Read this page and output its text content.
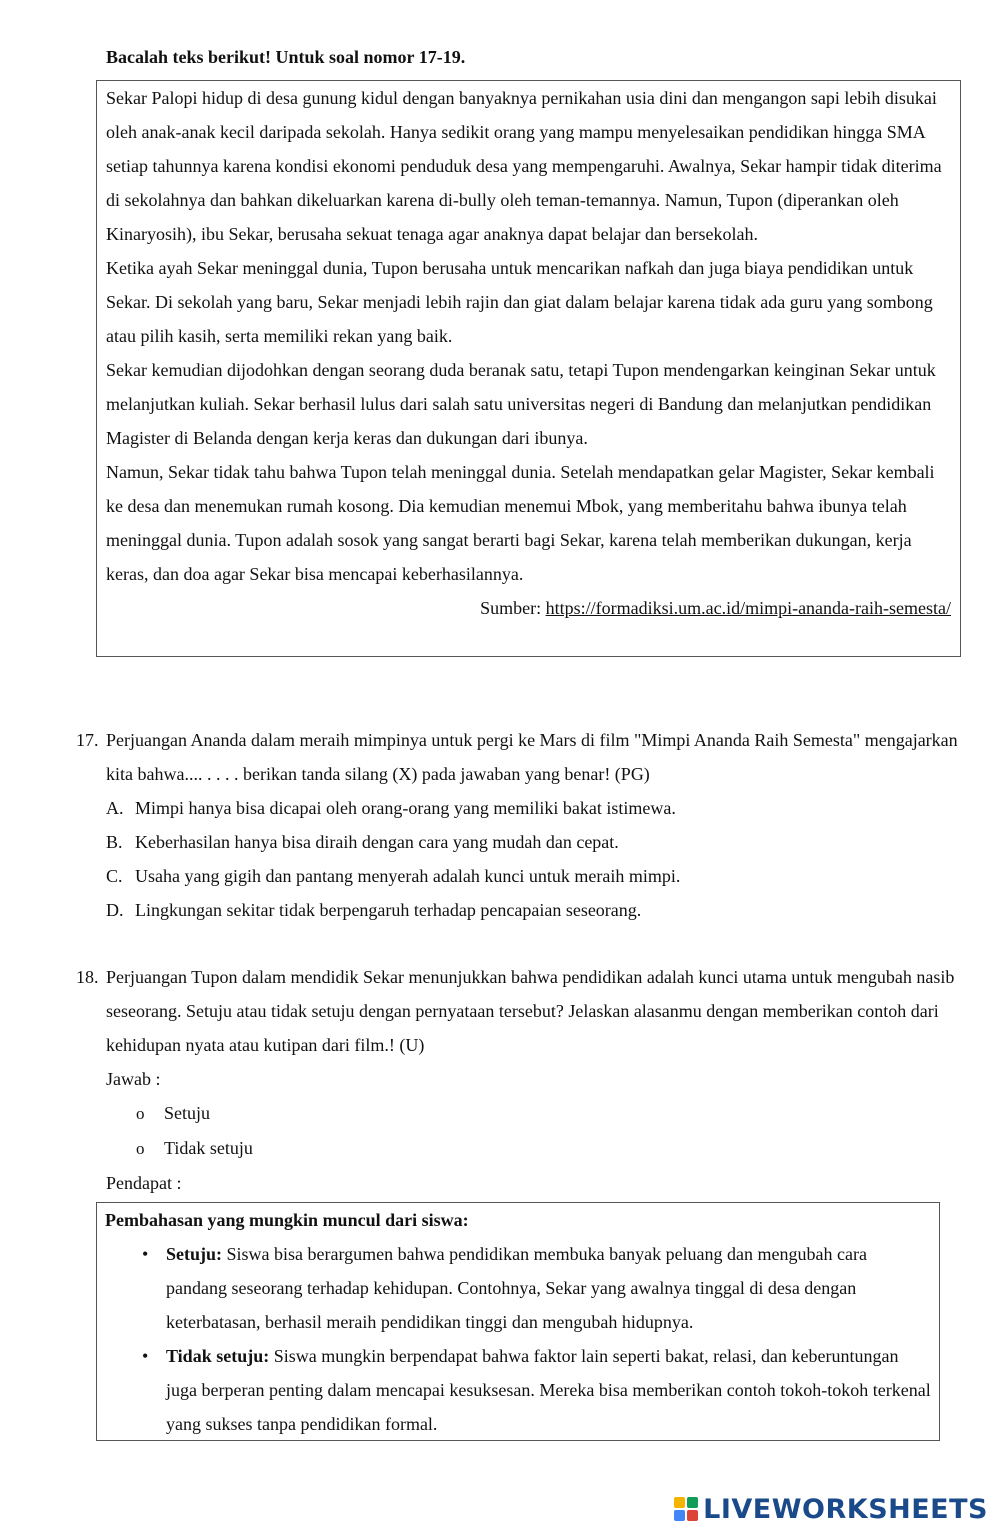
Bacalah teks berikut! Untuk soal nomor 17-19.

Sekar Palopi hidup di desa gunung kidul dengan banyaknya pernikahan usia dini dan mengangon sapi lebih disukai oleh anak-anak kecil daripada sekolah. Hanya sedikit orang yang mampu menyelesaikan pendidikan hingga SMA setiap tahunnya karena kondisi ekonomi penduduk desa yang mempengaruhi. Awalnya, Sekar hampir tidak diterima di sekolahnya dan bahkan dikeluarkan karena di-bully oleh teman-temannya. Namun, Tupon (diperankan oleh Kinaryosih), ibu Sekar, berusaha sekuat tenaga agar anaknya dapat belajar dan bersekolah.

Ketika ayah Sekar meninggal dunia, Tupon berusaha untuk mencarikan nafkah dan juga biaya pendidikan untuk Sekar. Di sekolah yang baru, Sekar menjadi lebih rajin dan giat dalam belajar karena tidak ada guru yang sombong atau pilih kasih, serta memiliki rekan yang baik.

Sekar kemudian dijodohkan dengan seorang duda beranak satu, tetapi Tupon mendengarkan keinginan Sekar untuk melanjutkan kuliah. Sekar berhasil lulus dari salah satu universitas negeri di Bandung dan melanjutkan pendidikan Magister di Belanda dengan kerja keras dan dukungan dari ibunya.

Namun, Sekar tidak tahu bahwa Tupon telah meninggal dunia. Setelah mendapatkan gelar Magister, Sekar kembali ke desa dan menemukan rumah kosong. Dia kemudian menemui Mbok, yang memberitahu bahwa ibunya telah meninggal dunia. Tupon adalah sosok yang sangat berarti bagi Sekar, karena telah memberikan dukungan, kerja keras, dan doa agar Sekar bisa mencapai keberhasilannya.

Sumber: https://formadiksi.um.ac.id/mimpi-ananda-raih-semesta/

17. Perjuangan Ananda dalam meraih mimpinya untuk pergi ke Mars di film "Mimpi Ananda Raih Semesta" mengajarkan kita bahwa.... . . . . berikan tanda silang (X) pada jawaban yang benar! (PG)
A. Mimpi hanya bisa dicapai oleh orang-orang yang memiliki bakat istimewa.
B. Keberhasilan hanya bisa diraih dengan cara yang mudah dan cepat.
C. Usaha yang gigih dan pantang menyerah adalah kunci untuk meraih mimpi.
D. Lingkungan sekitar tidak berpengaruh terhadap pencapaian seseorang.
18. Perjuangan Tupon dalam mendidik Sekar menunjukkan bahwa pendidikan adalah kunci utama untuk mengubah nasib seseorang. Setuju atau tidak setuju dengan pernyataan tersebut? Jelaskan alasanmu dengan memberikan contoh dari kehidupan nyata atau kutipan dari film.! (U)
Jawab :
o Setuju
o Tidak setuju
Pendapat :
Pembahasan yang mungkin muncul dari siswa:
• Setuju: Siswa bisa berargumen bahwa pendidikan membuka banyak peluang dan mengubah cara pandang seseorang terhadap kehidupan. Contohnya, Sekar yang awalnya tinggal di desa dengan keterbatasan, berhasil meraih pendidikan tinggi dan mengubah hidupnya.
• Tidak setuju: Siswa mungkin berpendapat bahwa faktor lain seperti bakat, relasi, dan keberuntungan juga berperan penting dalam mencapai kesuksesan. Mereka bisa memberikan contoh tokoh-tokoh terkenal yang sukses tanpa pendidikan formal.
LIVEWORKSHEETS
